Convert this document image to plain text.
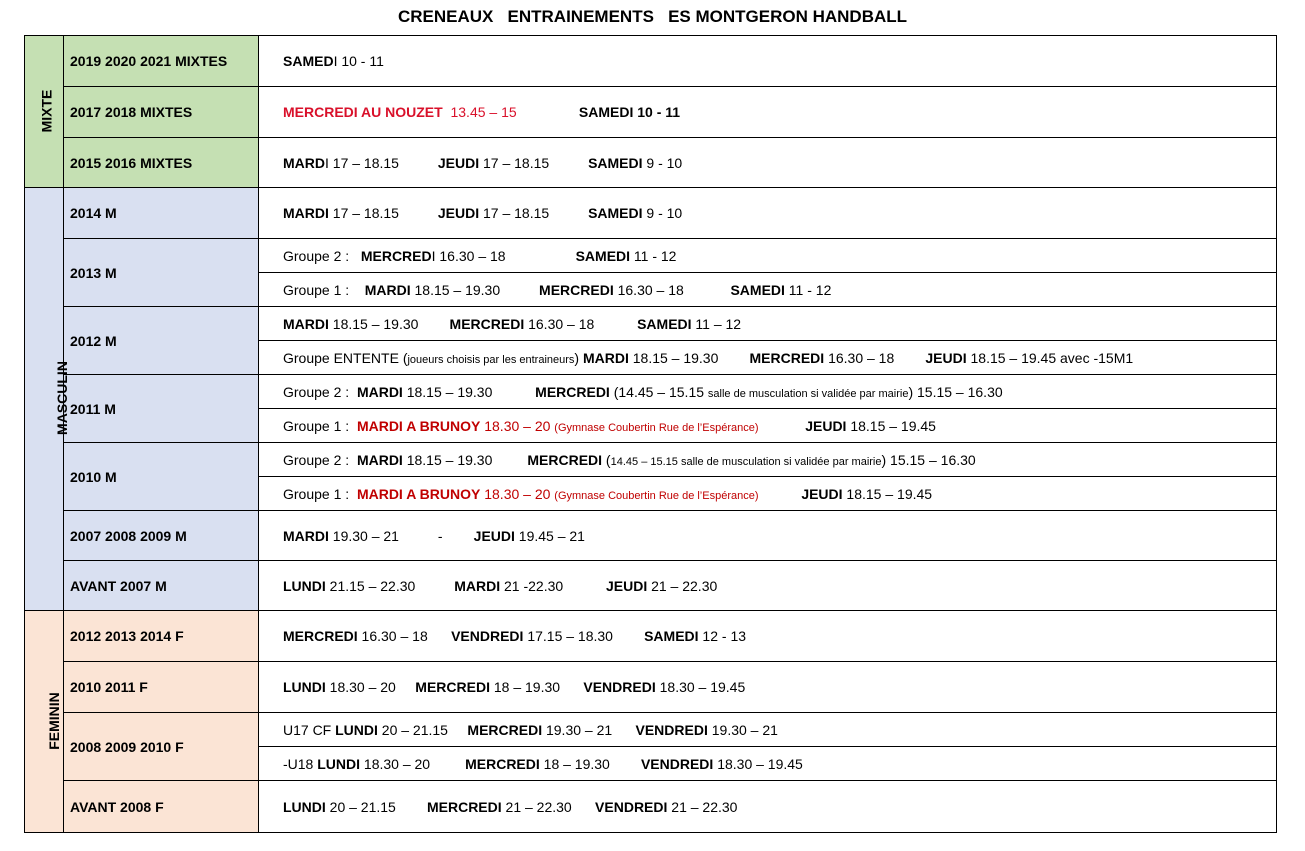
CRENEAUX   ENTRAINEMENTS   ES MONTGERON HANDBALL
MIXTE	2019 2020 2021 MIXTES	SAMEDI 10 - 11
	2017 2018 MIXTES	MERCREDI AU NOUZET  13.45 – 15 SAMEDI 10 - 11
	2015 2016 MIXTES	MARDI 17 – 18.15 JEUDI 17 – 18.15 SAMEDI 9 - 10
MASCULIN	2014 M	MARDI 17 – 18.15 JEUDI 17 – 18.15 SAMEDI 9 - 10
	2013 M	Groupe 2 :   MERCREDI 16.30 – 18 SAMEDI 11 - 12
		Groupe 1 :    MARDI 18.15 – 19.30 MERCREDI 16.30 – 18 SAMEDI 11 - 12
	2012 M	MARDI 18.15 – 19.30 MERCREDI 16.30 – 18 SAMEDI 11 – 12
		Groupe ENTENTE (joueurs choisis par les entraineurs) MARDI 18.15 – 19.30 MERCREDI 16.30 – 18 JEUDI 18.15 – 19.45 avec -15M1
	2011 M	Groupe 2 :  MARDI 18.15 – 19.30 MERCREDI (14.45 – 15.15 salle de musculation si validée par mairie) 15.15 – 16.30
		Groupe 1 :  MARDI A BRUNOY 18.30 – 20 (Gymnase Coubertin Rue de l’Espérance) JEUDI 18.15 – 19.45
	2010 M	Groupe 2 :  MARDI 18.15 – 19.30 MERCREDI (14.45 – 15.15 salle de musculation si validée par mairie) 15.15 – 16.30
		Groupe 1 :  MARDI A BRUNOY 18.30 – 20 (Gymnase Coubertin Rue de l’Espérance) JEUDI 18.15 – 19.45
	2007 2008 2009 M	MARDI 19.30 – 21 - JEUDI 19.45 – 21
	AVANT 2007 M	LUNDI 21.15 – 22.30 MARDI 21 -22.30 JEUDI 21 – 22.30
FEMININ	2012 2013 2014 F	MERCREDI 16.30 – 18 VENDREDI 17.15 – 18.30 SAMEDI 12 - 13
	2010 2011 F	LUNDI 18.30 – 20 MERCREDI 18 – 19.30 VENDREDI 18.30 – 19.45
	2008 2009 2010 F	U17 CF LUNDI 20 – 21.15 MERCREDI 19.30 – 21 VENDREDI 19.30 – 21
		-U18 LUNDI 18.30 – 20 MERCREDI 18 – 19.30 VENDREDI 18.30 – 19.45
	AVANT 2008 F	LUNDI 20 – 21.15 MERCREDI 21 – 22.30 VENDREDI 21 – 22.30
